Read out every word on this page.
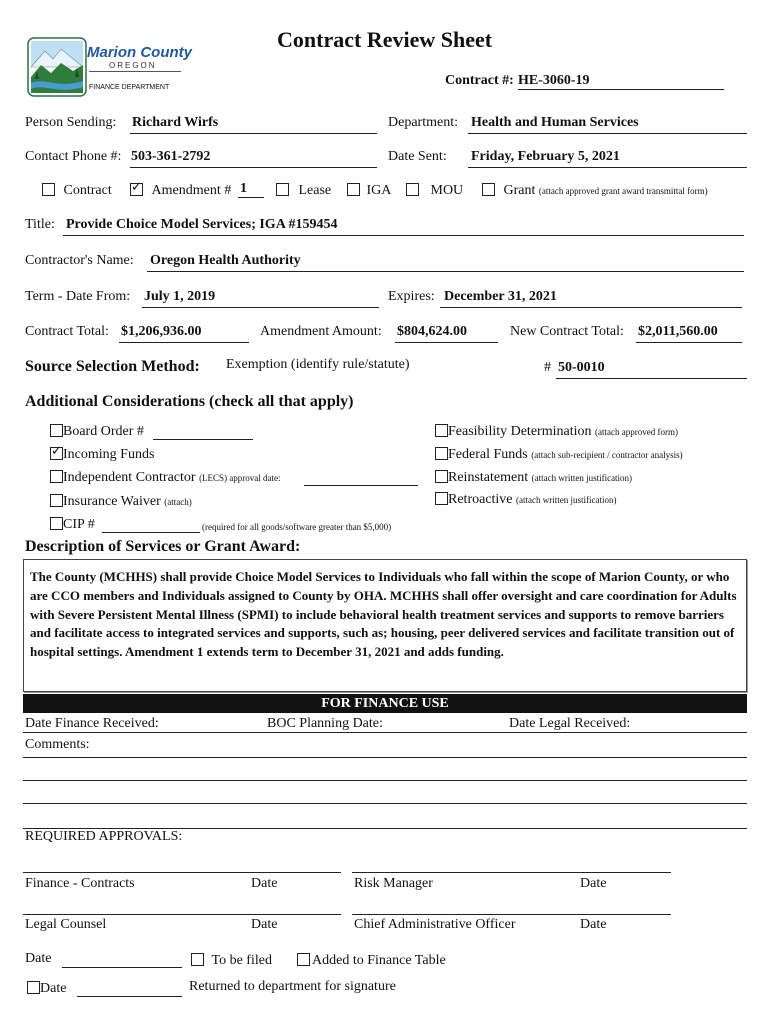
Marion County
OREGON
FINANCE DEPARTMENT
Contract Review Sheet
Contract #: HE-3060-19
Person Sending: Richard Wirfs	Department: Health and Human Services
Contact Phone #: 503-361-2792	Date Sent: Friday, February 5, 2021
Contract
✓	Amendment # 1	Lease	IGA	MOU	Grant (attach approved grant award transmittal form)
Title: Provide Choice Model Services; IGA #159454
Contractor's Name: Oregon Health Authority
Term - Date From: July 1, 2019	Expires: December 31, 2021
Contract Total: $1,206,936.00	Amendment Amount: $804,624.00	New Contract Total: $2,011,560.00
Source Selection Method: Exemption (identify rule/statute)	# 50-0010
Additional Considerations (check all that apply)
Board Order #
✓Incoming Funds
Independent Contractor (LECS) approval date:
Insurance Waiver (attach)
CIP #	(required for all goods/software greater than $5,000)
Feasibility Determination (attach approved form)
Federal Funds (attach sub-recipient / contractor analysis)
Reinstatement (attach written justification)
Retroactive (attach written justification)
Description of Services or Grant Award:
The County (MCHHS) shall provide Choice Model Services to Individuals who fall within the scope of Marion County, or who are CCO members and Individuals assigned to County by OHA. MCHHS shall offer oversight and care coordination for Adults with Severe Persistent Mental Illness (SPMI) to include behavioral health treatment services and supports to remove barriers and facilitate access to integrated services and supports, such as; housing, peer delivered services and facilitate transition out of hospital settings. Amendment 1 extends term to December 31, 2021 and adds funding.
FOR FINANCE USE
Date Finance Received:	BOC Planning Date:	Date Legal Received:
Comments:
REQUIRED APPROVALS:
Finance - Contracts	Date	Risk Manager	Date
Legal Counsel	Date	Chief Administrative Officer	Date
Date	To be filed	Added to Finance Table
Date	Returned to department for signature
